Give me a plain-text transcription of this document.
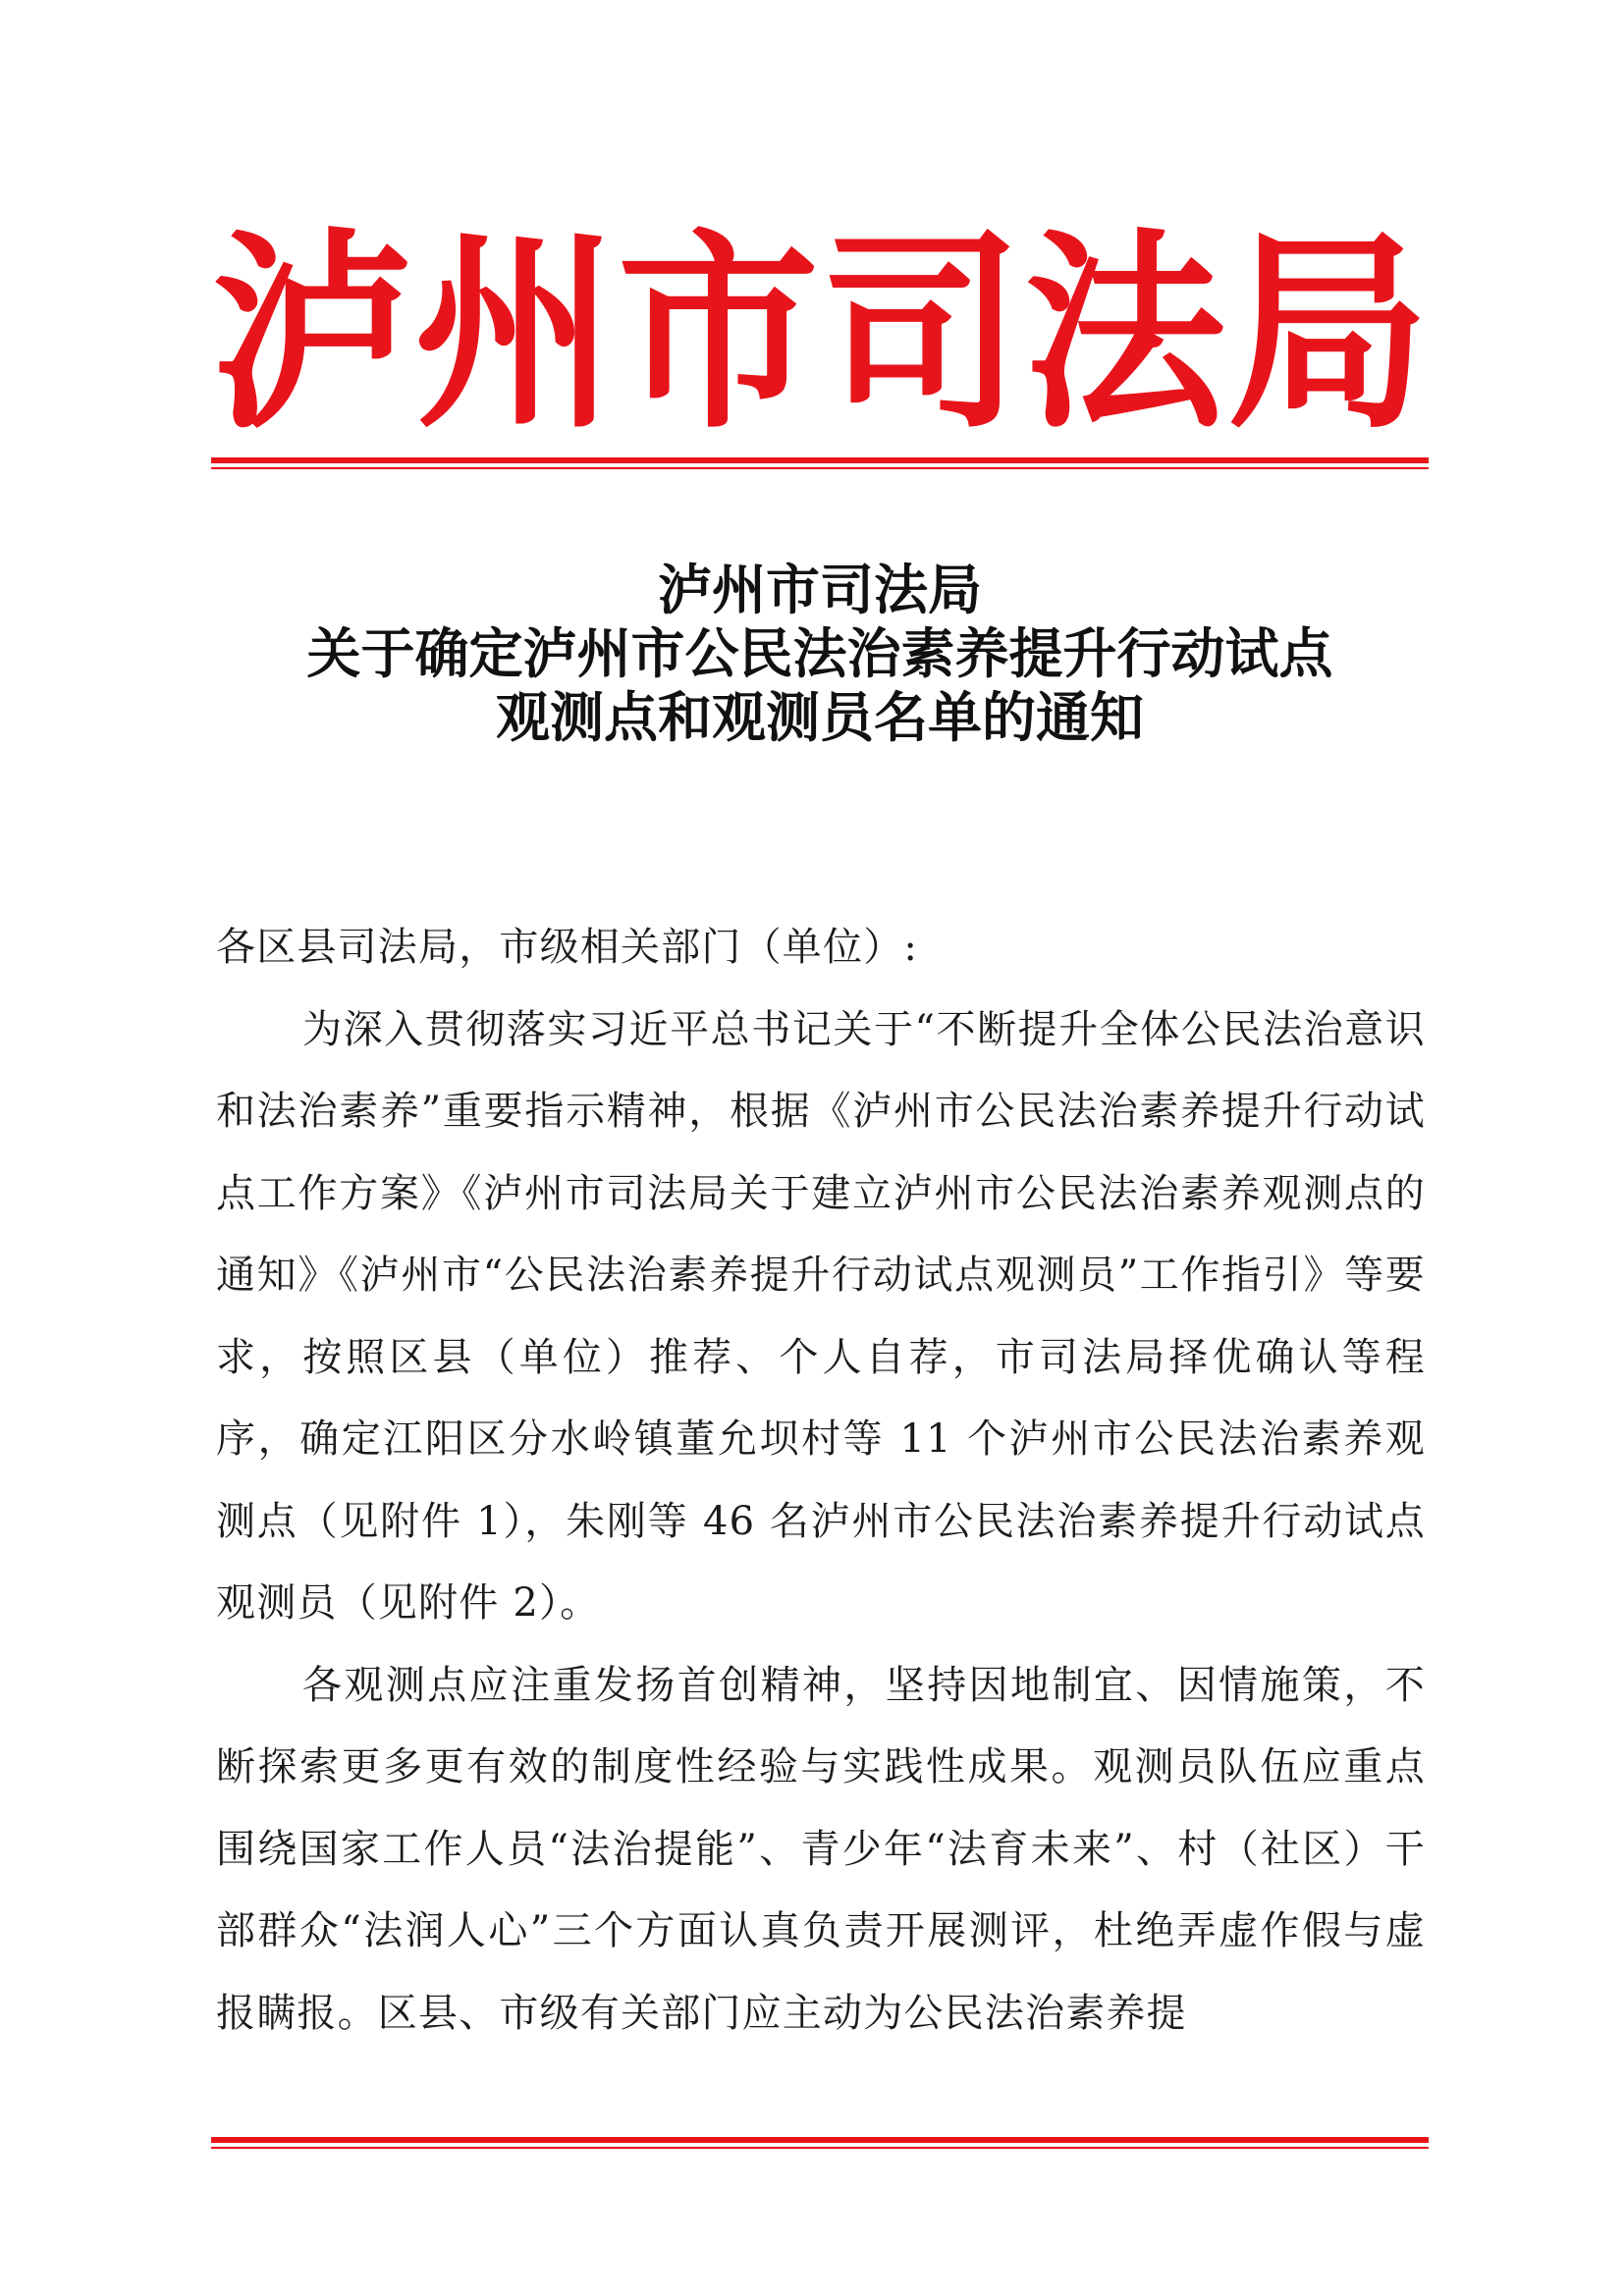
泸 州 市 司 法 局
泸州市司法局
关于确定泸州市公民法治素养提升行动试点
观测点和观测员名单的通知
各区县司法局，市级相关部门（单位）:

为深入贯彻落实习近平总书记关于“不断提升全体公民法治意识和法治素养”重要指示精神，根据《泸州市公民法治素养提升行动试点工作方案》《泸州市司法局关于建立泸州市公民法治素养观测点的通知》《泸州市“公民法治素养提升行动试点观测员”工作指引》等要求，按照区县（单位）推荐、个人自荐，市司法局择优确认等程序，确定江阳区分水岭镇董允坝村等 11 个泸州市公民法治素养观测点（见附件 1），朱刚等 46 名泸州市公民法治素养提升行动试点观测员（见附件 2）。

各观测点应注重发扬首创精神，坚持因地制宜、因情施策，不断探索更多更有效的制度性经验与实践性成果。观测员队伍应重点围绕国家工作人员“法治提能”、青少年“法育未来”、村（社区）干部群众“法润人心”三个方面认真负责开展测评，杜绝弄虚作假与虚报瞒报。区县、市级有关部门应主动为公民法治素养提
